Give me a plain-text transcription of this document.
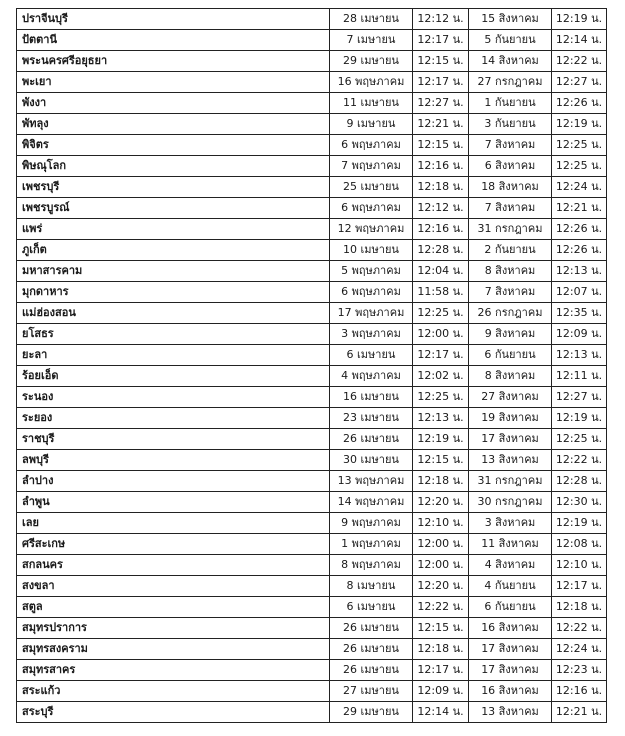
ปราจีนบุรี	28 เมษายน	12:12 น.	15 สิงหาคม	12:19 น.
ปัตตานี	7 เมษายน	12:17 น.	5 กันยายน	12:14 น.
พระนครศรีอยุธยา	29 เมษายน	12:15 น.	14 สิงหาคม	12:22 น.
พะเยา	16 พฤษภาคม	12:17 น.	27 กรกฎาคม	12:27 น.
พังงา	11 เมษายน	12:27 น.	1 กันยายน	12:26 น.
พัทลุง	9 เมษายน	12:21 น.	3 กันยายน	12:19 น.
พิจิตร	6 พฤษภาคม	12:15 น.	7 สิงหาคม	12:25 น.
พิษณุโลก	7 พฤษภาคม	12:16 น.	6 สิงหาคม	12:25 น.
เพชรบุรี	25 เมษายน	12:18 น.	18 สิงหาคม	12:24 น.
เพชรบูรณ์	6 พฤษภาคม	12:12 น.	7 สิงหาคม	12:21 น.
แพร่	12 พฤษภาคม	12:16 น.	31 กรกฎาคม	12:26 น.
ภูเก็ต	10 เมษายน	12:28 น.	2 กันยายน	12:26 น.
มหาสารคาม	5 พฤษภาคม	12:04 น.	8 สิงหาคม	12:13 น.
มุกดาหาร	6 พฤษภาคม	11:58 น.	7 สิงหาคม	12:07 น.
แม่ฮ่องสอน	17 พฤษภาคม	12:25 น.	26 กรกฎาคม	12:35 น.
ยโสธร	3 พฤษภาคม	12:00 น.	9 สิงหาคม	12:09 น.
ยะลา	6 เมษายน	12:17 น.	6 กันยายน	12:13 น.
ร้อยเอ็ด	4 พฤษภาคม	12:02 น.	8 สิงหาคม	12:11 น.
ระนอง	16 เมษายน	12:25 น.	27 สิงหาคม	12:27 น.
ระยอง	23 เมษายน	12:13 น.	19 สิงหาคม	12:19 น.
ราชบุรี	26 เมษายน	12:19 น.	17 สิงหาคม	12:25 น.
ลพบุรี	30 เมษายน	12:15 น.	13 สิงหาคม	12:22 น.
ลำปาง	13 พฤษภาคม	12:18 น.	31 กรกฎาคม	12:28 น.
ลำพูน	14 พฤษภาคม	12:20 น.	30 กรกฎาคม	12:30 น.
เลย	9 พฤษภาคม	12:10 น.	3 สิงหาคม	12:19 น.
ศรีสะเกษ	1 พฤษภาคม	12:00 น.	11 สิงหาคม	12:08 น.
สกลนคร	8 พฤษภาคม	12:00 น.	4 สิงหาคม	12:10 น.
สงขลา	8 เมษายน	12:20 น.	4 กันยายน	12:17 น.
สตูล	6 เมษายน	12:22 น.	6 กันยายน	12:18 น.
สมุทรปราการ	26 เมษายน	12:15 น.	16 สิงหาคม	12:22 น.
สมุทรสงคราม	26 เมษายน	12:18 น.	17 สิงหาคม	12:24 น.
สมุทรสาคร	26 เมษายน	12:17 น.	17 สิงหาคม	12:23 น.
สระแก้ว	27 เมษายน	12:09 น.	16 สิงหาคม	12:16 น.
สระบุรี	29 เมษายน	12:14 น.	13 สิงหาคม	12:21 น.
